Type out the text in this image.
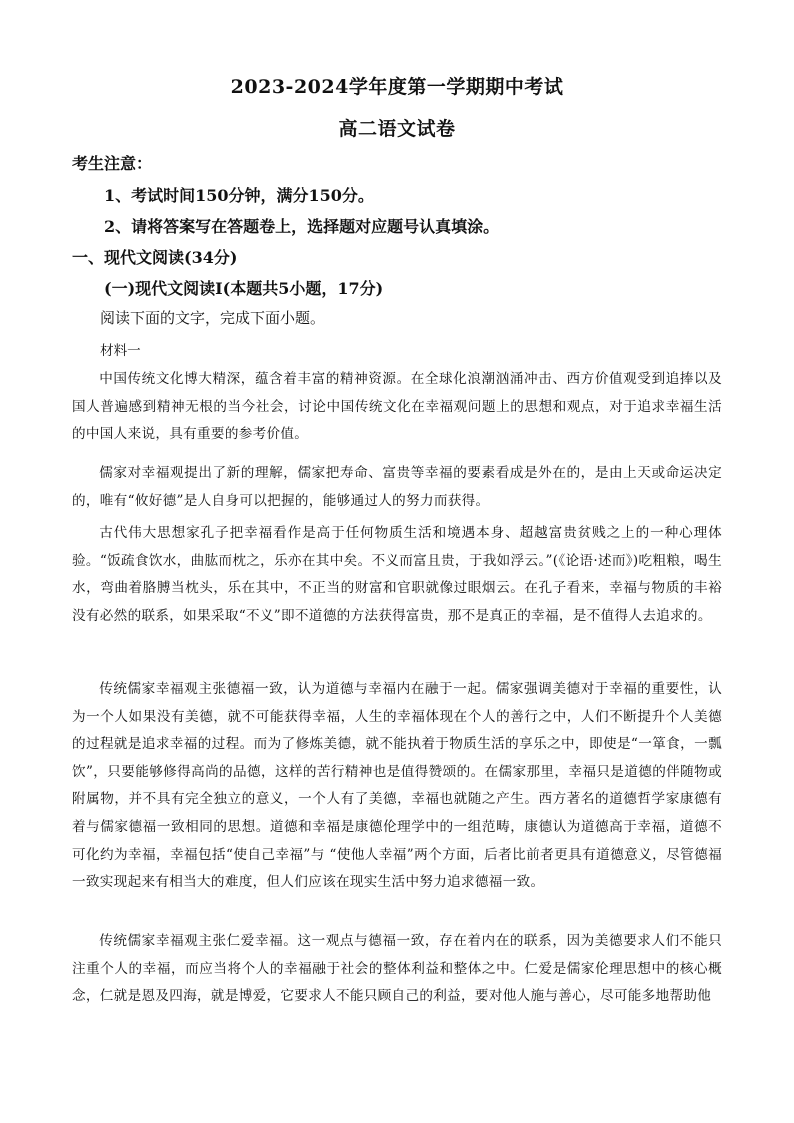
2023-2024学年度第一学期期中考试
高二语文试卷
考生注意：
1、考试时间150分钟，满分150分。
2、请将答案写在答题卷上，选择题对应题号认真填涂。
一、现代文阅读(34分)
(一)现代文阅读Ⅰ(本题共5小题，17分)
阅读下面的文字，完成下面小题。
材料一
中国传统文化博大精深，蕴含着丰富的精神资源。在全球化浪潮汹涌冲击、西方价值观受到追捧以及国人普遍感到精神无根的当今社会，讨论中国传统文化在幸福观问题上的思想和观点，对于追求幸福生活的中国人来说，具有重要的参考价值。
儒家对幸福观提出了新的理解，儒家把寿命、富贵等幸福的要素看成是外在的，是由上天或命运决定的，唯有“攸好德”是人自身可以把握的，能够通过人的努力而获得。
古代伟大思想家孔子把幸福看作是高于任何物质生活和境遇本身、超越富贵贫贱之上的一种心理体验。“饭疏食饮水，曲肱而枕之，乐亦在其中矣。不义而富且贵，于我如浮云。”(《论语·述而》)吃粗粮，喝生水，弯曲着胳膊当枕头，乐在其中，不正当的财富和官职就像过眼烟云。在孔子看来，幸福与物质的丰裕没有必然的联系，如果采取“不义”即不道德的方法获得富贵，那不是真正的幸福，是不值得人去追求的。
传统儒家幸福观主张德福一致，认为道德与幸福内在融于一起。儒家强调美德对于幸福的重要性，认为一个人如果没有美德，就不可能获得幸福，人生的幸福体现在个人的善行之中，人们不断提升个人美德的过程就是追求幸福的过程。而为了修炼美德，就不能执着于物质生活的享乐之中，即使是“一箪食，一瓢饮”，只要能够修得高尚的品德，这样的苦行精神也是值得赞颂的。在儒家那里，幸福只是道德的伴随物或附属物，并不具有完全独立的意义，一个人有了美德，幸福也就随之产生。西方著名的道德哲学家康德有着与儒家德福一致相同的思想。道德和幸福是康德伦理学中的一组范畴，康德认为道德高于幸福，道德不可化约为幸福，幸福包括“使自己幸福”与 “使他人幸福”两个方面，后者比前者更具有道德意义，尽管德福一致实现起来有相当大的难度，但人们应该在现实生活中努力追求德福一致。
传统儒家幸福观主张仁爱幸福。这一观点与德福一致，存在着内在的联系，因为美德要求人们不能只注重个人的幸福，而应当将个人的幸福融于社会的整体利益和整体之中。仁爱是儒家伦理思想中的核心概念，仁就是恩及四海，就是博爱，它要求人不能只顾自己的利益，要对他人施与善心，尽可能多地帮助他
